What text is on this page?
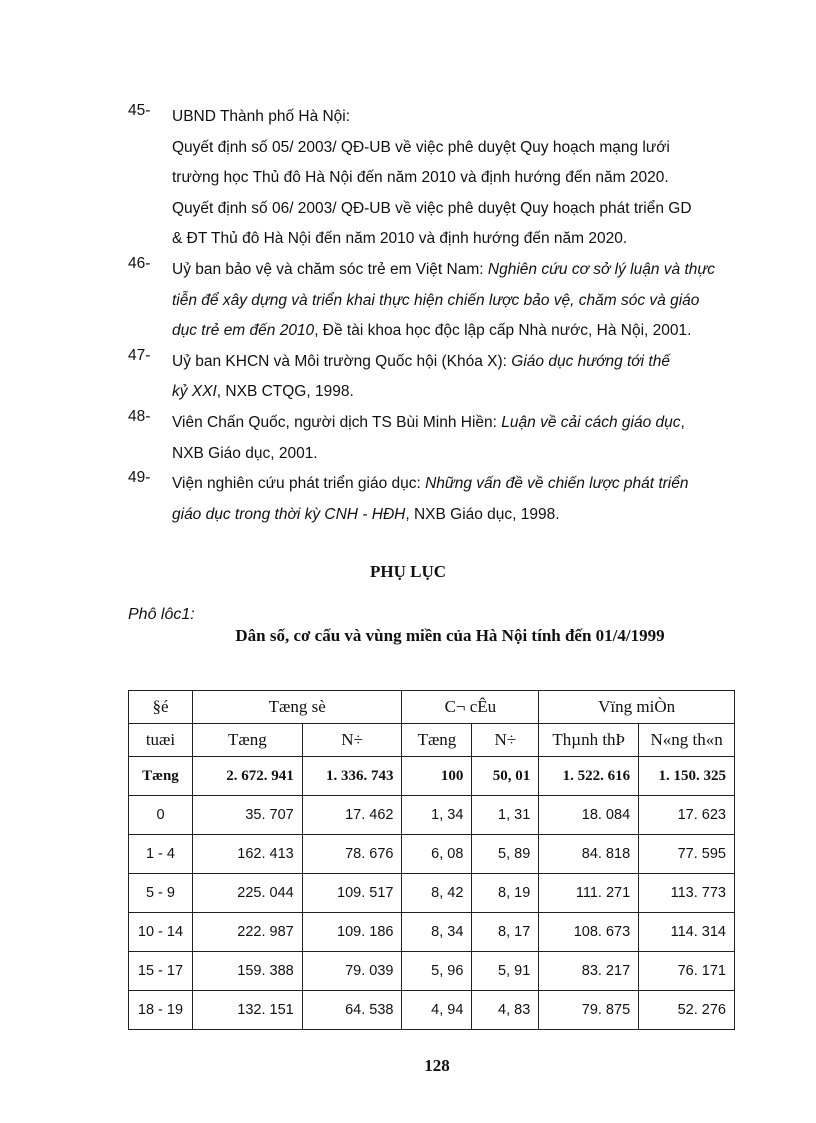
45-	UBND Thành phố Hà Nội:

Quyết định số 05/ 2003/ QĐ-UB về việc phê duyệt Quy hoạch mạng lưới

trường học Thủ đô Hà Nội đến năm 2010 và định hướng đến năm 2020.

Quyết định số 06/ 2003/ QĐ-UB về việc phê duyệt Quy hoạch phát triển GD

& ĐT Thủ đô Hà Nội đến năm 2010 và định hướng đến năm 2020.

46-	Uỷ ban bảo vệ và chăm sóc trẻ em Việt Nam: Nghiên cứu cơ sở lý luận và thực

tiễn để xây dựng và triển khai thực hiện chiến lược bảo vệ, chăm sóc và giáo

dục trẻ em đến 2010, Đề tài khoa học độc lập cấp Nhà nước, Hà Nội, 2001.

47-	Uỷ ban KHCN và Môi trường Quốc hội (Khóa X): Giáo dục hướng tới thế

kỷ XXI, NXB CTQG, 1998.

48-	Viên Chấn Quốc, người dịch TS Bùi Minh Hiền: Luận về cải cách giáo dục,

NXB Giáo dục, 2001.

49-	Viện nghiên cứu phát triển giáo dục: Những vấn đề về chiến lược phát triển

giáo dục trong thời kỳ CNH - HĐH, NXB Giáo dục, 1998.

PHỤ LỤC
Phô lôc1:
Dân số, cơ cấu và vùng miền của Hà Nội tính đến 01/4/1999
§é	Tæng sè		C¬ cÊu		Vïng miÒn	
tuæi	Tæng	N÷	Tæng	N÷	Thµnh thÞ	N«ng th«n
Tæng	2. 672. 941	1. 336. 743	100	50, 01	1. 522. 616	1. 150. 325
0	35. 707	17. 462	1, 34	1, 31	18. 084	17. 623
1 - 4	162. 413	78. 676	6, 08	5, 89	84. 818	77. 595
5 - 9	225. 044	109. 517	8, 42	8, 19	111. 271	113. 773
10 - 14	222. 987	109. 186	8, 34	8, 17	108. 673	114. 314
15 - 17	159. 388	79. 039	5, 96	5, 91	83. 217	76. 171
18 - 19	132. 151	64. 538	4, 94	4, 83	79. 875	52. 276
128
